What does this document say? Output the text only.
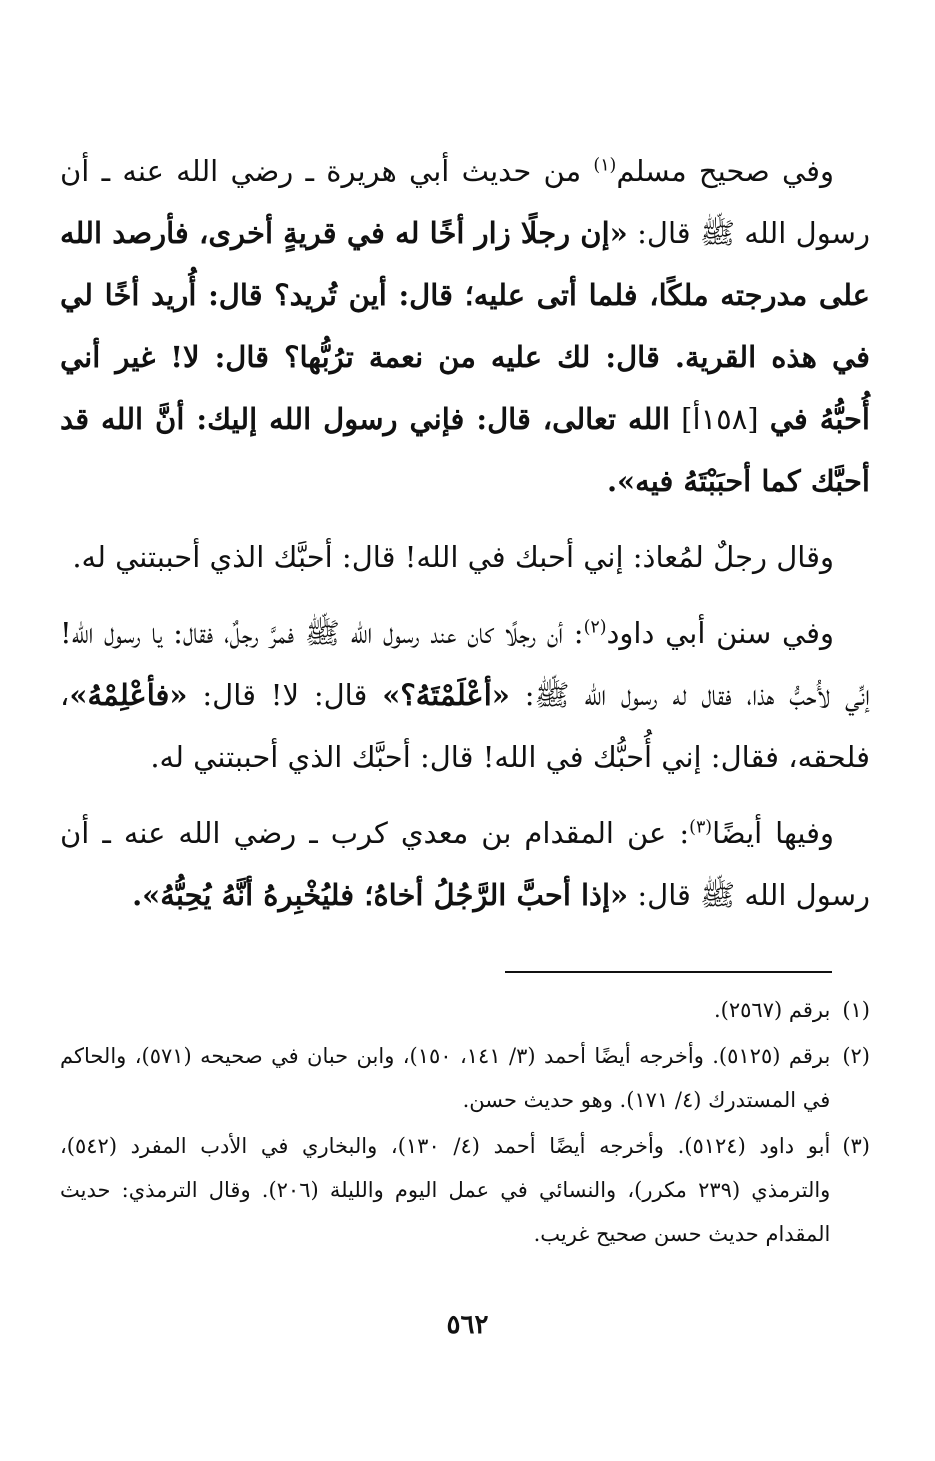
وفي صحيح مسلم$^{(١)}$ من حديث أبي هريرة ـ رضي الله عنه ـ أن رسول الله ﷺ قال: «إن رجلًا زار أخًا له في قريةٍ أخرى، فأرصد الله على مدرجته ملكًا، فلما أتى عليه؛ قال: أين تُريد؟ قال: أُريد أخًا لي في هذه القرية. قال: لك عليه من نعمة ترُبُّها؟ قال: لا! غير أني أُحبُّهُ في [١٥٨أ] الله تعالى، قال: فإني رسول الله إليك: أنَّ الله قد أحبَّك كما أحبَبْتَهُ فيه».

وقال رجلٌ لمُعاذ: إني أحبك في الله! قال: أحبَّك الذي أحببتني له.

وفي سنن أبي داود$^{(٢)}$: أن رجلًا كان عند رسول الله ﷺ فمرَّ رجلٌ، فقال: يا رسول الله! إنِّي لأُحبُّ هذا، فقال له رسول الله ﷺ: «أعْلَمْتَهُ؟» قال: لا! قال: «فأعْلِمْهُ»، فلحقه، فقال: إني أُحبُّك في الله! قال: أحبَّك الذي أحببتني له.

وفيها أيضًا$^{(٣)}$: عن المقدام بن معدي كرب ـ رضي الله عنه ـ أن رسول الله ﷺ قال: «إذا أحبَّ الرَّجُلُ أخاهُ؛ فليُخْبِرهُ أنَّهُ يُحِبُّهُ».

(١)
برقم (٢٥٦٧).
(٢)
برقم (٥١٢٥). وأخرجه أيضًا أحمد (٣/ ١٤١، ١٥٠)، وابن حبان في صحيحه (٥٧١)، والحاكم في المستدرك (٤/ ١٧١). وهو حديث حسن.
(٣)
أبو داود (٥١٢٤). وأخرجه أيضًا أحمد (٤/ ١٣٠)، والبخاري في الأدب المفرد (٥٤٢)، والترمذي (٢٣٩ مكرر)، والنسائي في عمل اليوم والليلة (٢٠٦). وقال الترمذي: حديث المقدام حديث حسن صحيح غريب.
٥٦٢
